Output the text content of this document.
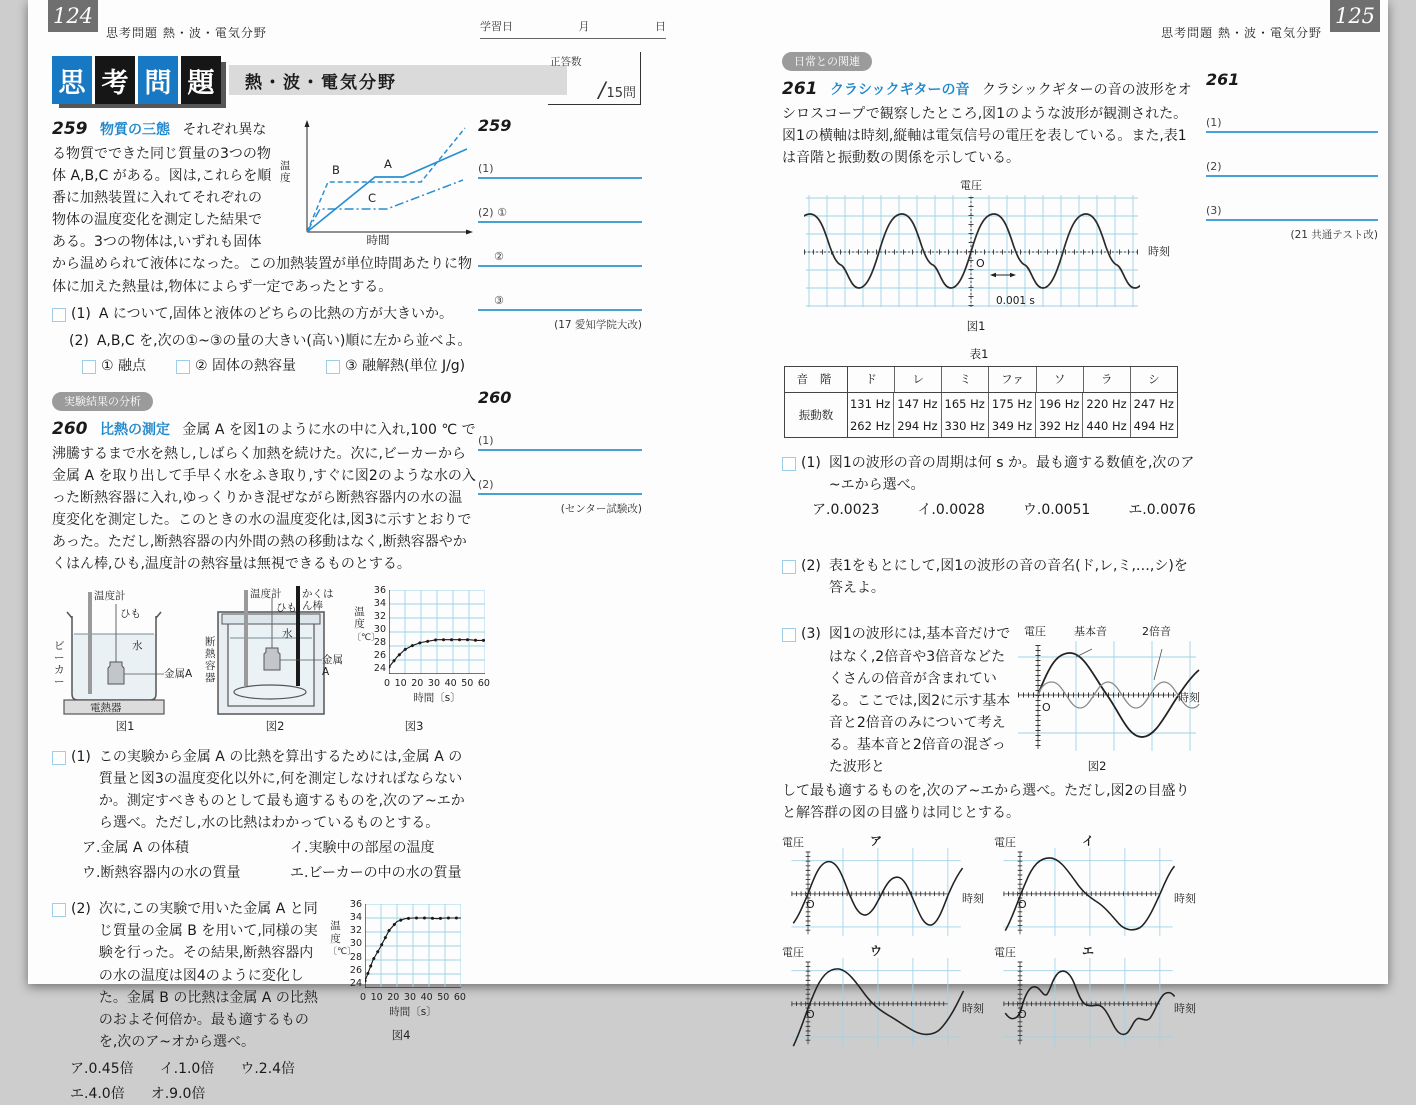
124
思考問題 熱・波・電気分野	学習日	月	日
思 考 問 題	熱・波・電気分野
正答数
/15問
温度
時間
A
B
C
259 物質の三態 それぞれ異なる物質でできた同じ質量の3つの物体 A,B,C がある。図は,これらを順番に加熱装置に入れてそれぞれの物体の温度変化を測定した結果である。3つの物体は,いずれも固体から温められて液体になった。この加熱装置が単位時間あたりに物体に加えた熱量は,物体によらず一定であったとする。
(1) A について,固体と液体のどちらの比熱の方が大きいか。
(2) A,B,C を,次の①~③の量の大きい(高い)順に左から並べよ。
① 融点	② 固体の熱容量	③ 融解熱(単位 J/g)
実験結果の分析
260 比熱の測定 金属 A を図1のように水の中に入れ,100 ℃ で沸騰するまで水を熱し,しばらく加熱を続けた。次に,ビーカーから金属 A を取り出して手早く水をふき取り,すぐに図2のような水の入った断熱容器に入れ,ゆっくりかき混ぜながら断熱容器内の水の温度変化を測定した。このときの水の温度変化は,図3に示すとおりであった。ただし,断熱容器の内外間の熱の移動はなく,断熱容器やかくはん棒,ひも,温度計の熱容量は無視できるものとする。
温度計
ひも
水
金属A
ビーカー
電熱器
図1
温度計
ひも
かくはん棒
水
金属A
断熱容器
図2
温度〔℃〕
36
34
32
30
28
26
24
0 10 20 30 40 50 60
時間〔s〕
図3
(1) この実験から金属 A の比熱を算出するためには,金属 A の質量と図3の温度変化以外に,何を測定しなければならないか。測定すべきものとして最も適するものを,次のア~エから選べ。ただし,水の比熱はわかっているものとする。
ア.金属 A の体積	イ.実験中の部屋の温度
ウ.断熱容器内の水の質量	エ.ビーカーの中の水の質量
(2) 次に,この実験で用いた金属 A と同じ質量の金属 B を用いて,同様の実験を行った。その結果,断熱容器内の水の温度は図4のように変化した。金属 B の比熱は金属 A の比熱のおよそ何倍か。最も適するものを,次のア~オから選べ。
ア.0.45倍 イ.1.0倍 ウ.2.4倍
エ.4.0倍 オ.9.0倍
温度〔℃〕
36
34
32
30
28
26
24
0 10 20 30 40 50 60
時間〔s〕
図4
259
(1)
(2) ①
②
③
(17 愛知学院大改)
260
(1)
(2)
(センター試験改)
思考問題 熱・波・電気分野
125
日常との関連
261 クラシックギターの音 クラシックギターの音の波形をオシロスコープで観察したところ,図1のような波形が観測された。図1の横軸は時刻,縦軸は電気信号の電圧を表している。また,表1は音階と振動数の関係を示している。
電圧
時刻
O
0.001 s
図1
表1
音 階	ド	レ	ミ	ファ	ソ	ラ	シ
振動数
131 Hz 147 Hz 165 Hz 175 Hz 196 Hz 220 Hz 247 Hz
262 Hz 294 Hz 330 Hz 349 Hz 392 Hz 440 Hz 494 Hz
(1) 図1の波形の音の周期は何 s か。最も適する数値を,次のア~エから選べ。
ア.0.0023	イ.0.0028	ウ.0.0051	エ.0.0076
(2) 表1をもとにして,図1の波形の音の音名(ド,レ,ミ,…,シ)を答えよ。
(3) 図1の波形には,基本音だけではなく,2倍音や3倍音などたくさんの倍音が含まれている。ここでは,図2に示す基本音と2倍音のみについて考える。基本音と2倍音の混ざった波形と
電圧	基本音	2倍音
O
時刻
図2
して最も適するものを,次のア~エから選べ。ただし,図2の目盛りと解答群の図の目盛りは同じとする。
電圧	ア
O	時刻
電圧	イ
O	時刻
電圧	ウ
O	時刻
電圧	エ
O	時刻
261
(1)
(2)
(3)
(21 共通テスト改)
